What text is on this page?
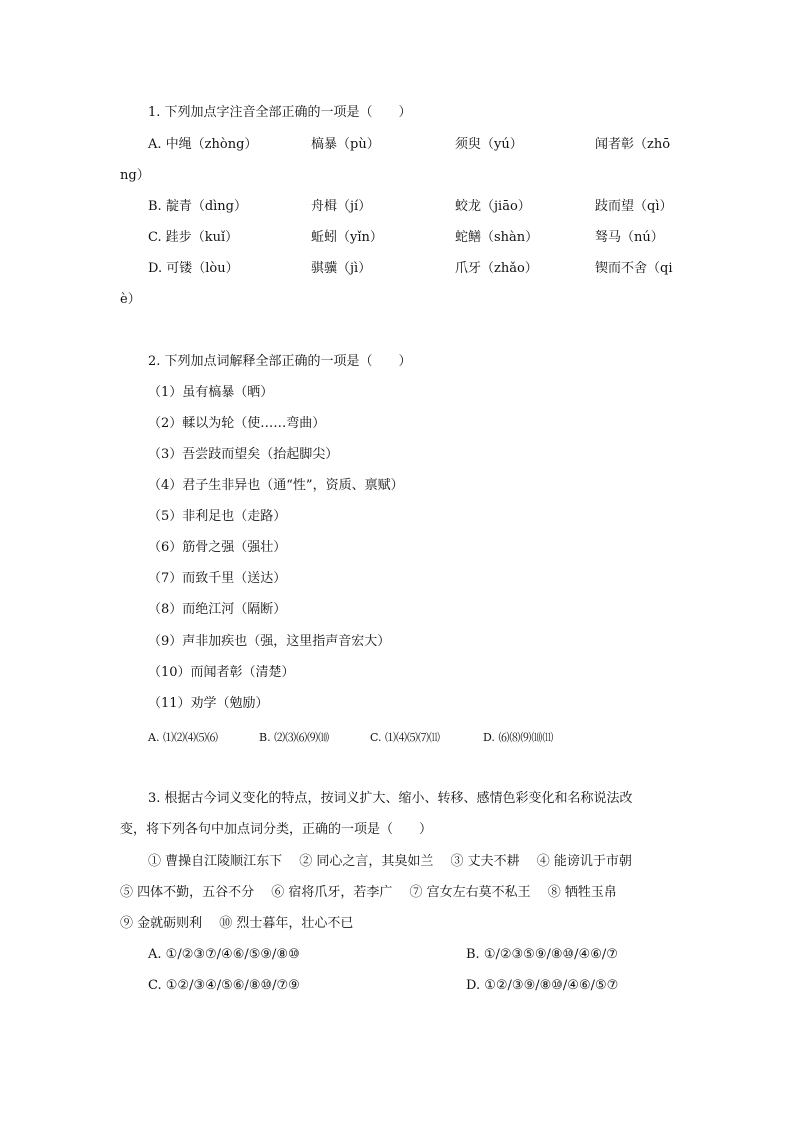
1. 下列加点字注音全部正确的一项是（　　）
A. 中绳（zhòng）	槁暴（pù）	须臾（yú）	闻者彰（zhō
ng）
B. 靛青（dìng）	舟楫（jí）	蛟龙（jiāo）	跂而望（qì）
C. 跬步（kuǐ）	蚯蚓（yǐn）	蛇鳝（shàn）	驽马（nú）
D. 可镂（lòu）	骐骥（jì）	爪牙（zhǎo）	锲而不舍（qi
è）
2. 下列加点词解释全部正确的一项是（　　）
（1）虽有槁暴（晒）
（2）輮以为轮（使……弯曲）
（3）吾尝跂而望矣（抬起脚尖）
（4）君子生非异也（通“性”，资质、禀赋）
（5）非利足也（走路）
（6）筋骨之强（强壮）
（7）而致千里（送达）
（8）而绝江河（隔断）
（9）声非加疾也（强，这里指声音宏大）
（10）而闻者彰（清楚）
（11）劝学（勉励）
A. ⑴⑵⑷⑸⑹	B. ⑵⑶⑹⑼⑽	C. ⑴⑷⑸⑺⑾	D. ⑹⑻⑼⑽⑾
3. 根据古今词义变化的特点，按词义扩大、缩小、转移、感情色彩变化和名称说法改
变，将下列各句中加点词分类，正确的一项是（　　）
① 曹操自江陵顺江东下　 ② 同心之言，其臭如兰　 ③ 丈夫不耕　 ④ 能谤讥于市朝
⑤ 四体不勤，五谷不分　 ⑥ 宿将爪牙，若李广　 ⑦ 宫女左右莫不私王　 ⑧ 牺牲玉帛
⑨ 金就砺则利　 ⑩ 烈士暮年，壮心不已
A. ①/②③⑦/④⑥/⑤⑨/⑧⑩	B. ①/②③⑤⑨/⑧⑩/④⑥/⑦
C. ①②/③④/⑤⑥/⑧⑩/⑦⑨	D. ①②/③⑨/⑧⑩/④⑥/⑤⑦
